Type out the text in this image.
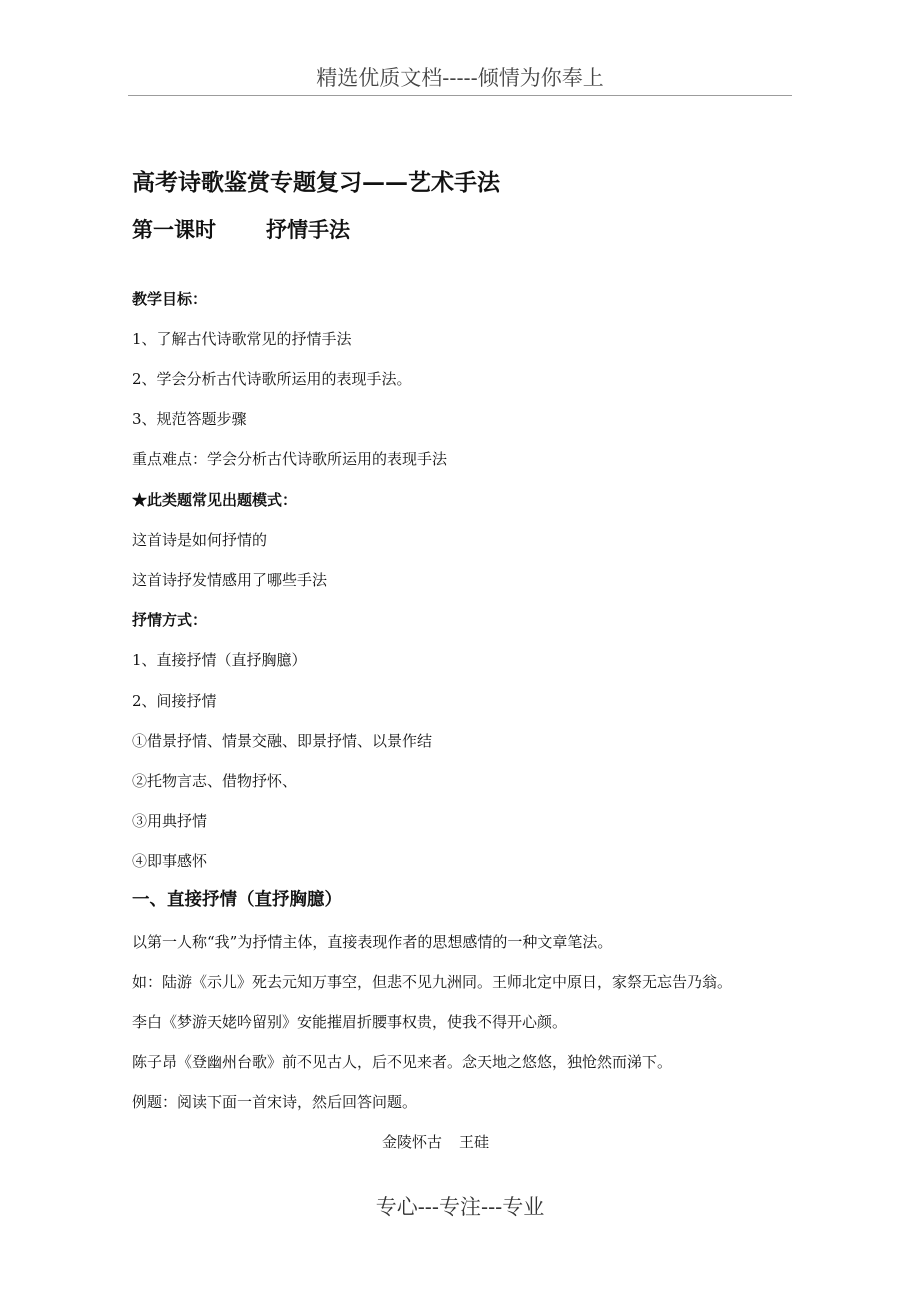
精选优质文档-----倾情为你奉上
高考诗歌鉴赏专题复习——艺术手法
第一课时 抒情手法
教学目标：
1、了解古代诗歌常见的抒情手法
2、学会分析古代诗歌所运用的表现手法。
3、规范答题步骤
重点难点：学会分析古代诗歌所运用的表现手法
★此类题常见出题模式：
这首诗是如何抒情的
这首诗抒发情感用了哪些手法
抒情方式：
1、直接抒情（直抒胸臆）
2、间接抒情
①借景抒情、情景交融、即景抒情、以景作结
②托物言志、借物抒怀、
③用典抒情
④即事感怀
一、直接抒情（直抒胸臆）
以第一人称“我”为抒情主体，直接表现作者的思想感情的一种文章笔法。
如：陆游《示儿》死去元知万事空，但悲不见九洲同。王师北定中原日，家祭无忘告乃翁。
李白《梦游天姥吟留别》安能摧眉折腰事权贵，使我不得开心颜。
陈子昂《登幽州台歌》前不见古人，后不见来者。念天地之悠悠，独怆然而涕下。
例题：阅读下面一首宋诗，然后回答问题。
金陵怀古 王硅
专心---专注---专业
